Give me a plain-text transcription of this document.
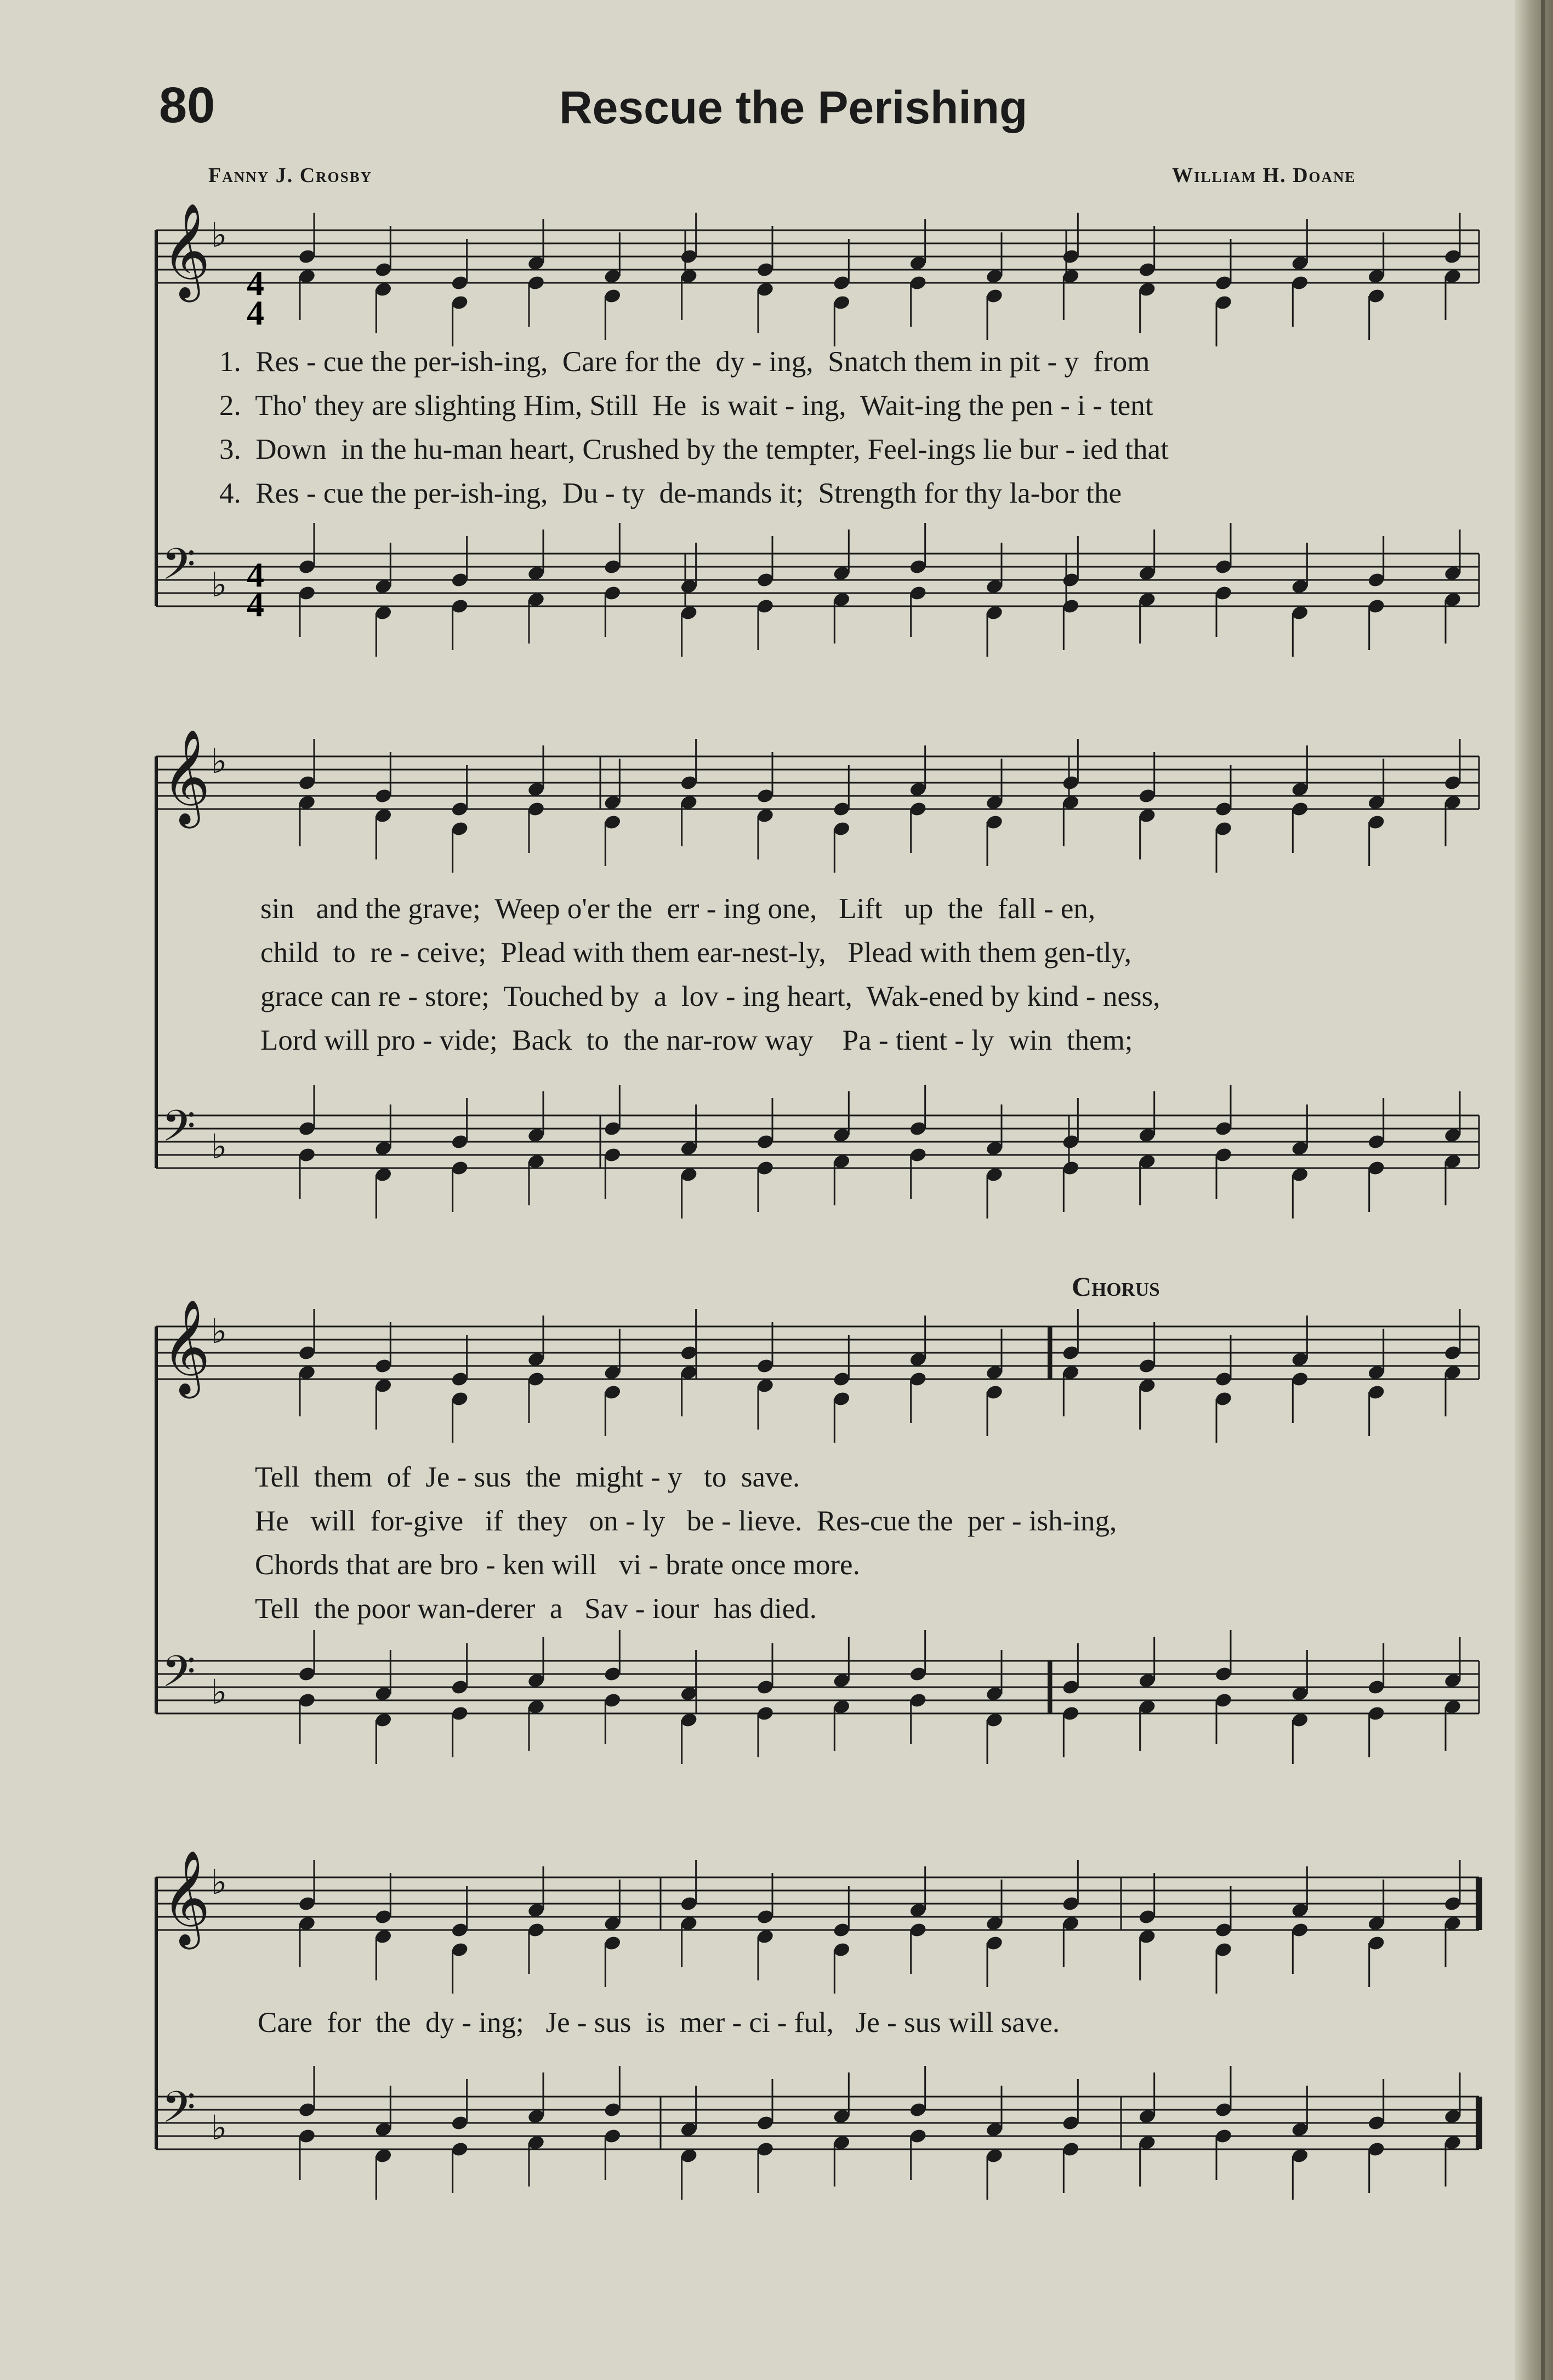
80	Rescue the Perishing
Fanny J. Crosby	William H. Doane
4
4
4
4
𝄞 ♭
𝄢 ♭
𝄞 ♭
𝄢 ♭
𝄞 ♭
𝄢 ♭
𝄞 ♭
𝄢 ♭
1.  Res - cue the per-ish-ing,  Care for the  dy - ing,  Snatch them in pit - y  from
2.  Tho' they are slighting Him, Still  He  is wait - ing,  Wait-ing the pen - i - tent
3.  Down  in the hu-man heart, Crushed by the tempter, Feel-ings lie bur - ied that
4.  Res - cue the per-ish-ing,  Du - ty  de-mands it;  Strength for thy la-bor the
sin   and the grave;  Weep o'er the  err - ing one,   Lift   up  the  fall - en,
child  to  re - ceive;  Plead with them ear-nest-ly,   Plead with them gen-tly,
grace can re - store;  Touched by  a  lov - ing heart,  Wak-ened by kind - ness,
Lord will pro - vide;  Back  to  the nar-row way    Pa - tient - ly  win  them;
Chorus
Tell  them  of  Je - sus  the  might - y   to  save.
He   will  for-give   if  they   on - ly   be - lieve.  Res-cue the  per - ish-ing,
Chords that are bro - ken will   vi - brate once more.
Tell  the poor wan-derer  a   Sav - iour  has died.
Care  for  the  dy - ing;   Je - sus  is  mer - ci - ful,   Je - sus will save.
